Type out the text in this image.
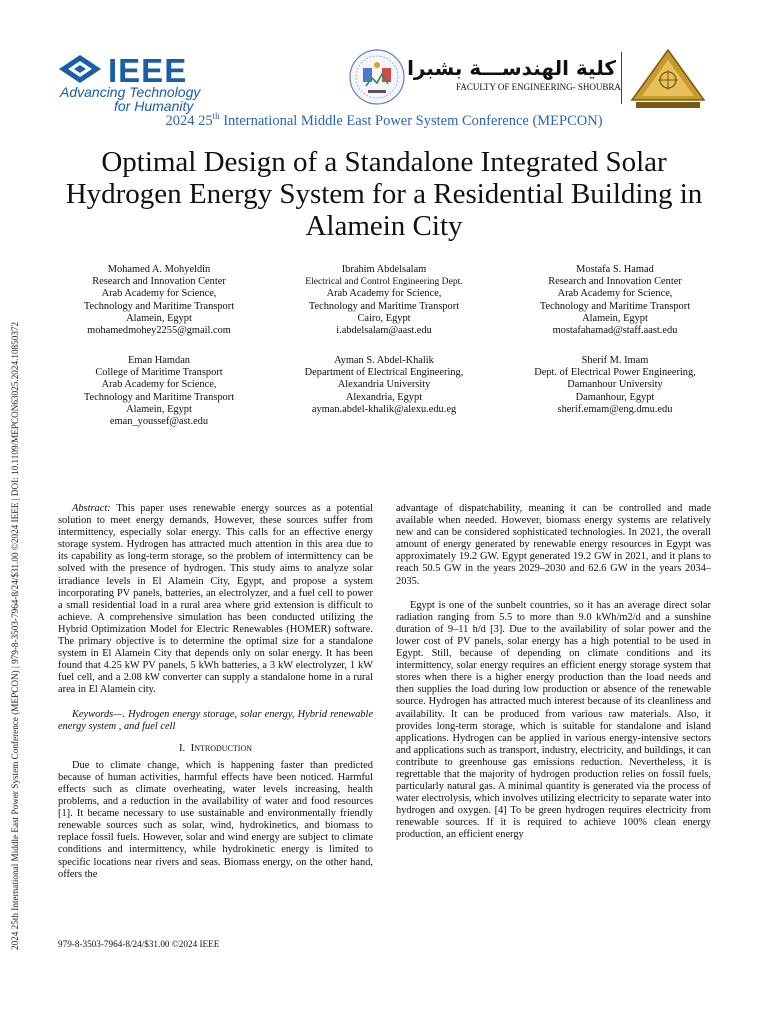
2024 25th International Middle East Power System Conference (MEPCON) | 979-8-3503-7964-8/24/$31.00 ©2024 IEEE | DOI: 10.1109/MEPCON63025.2024.10850372
IEEE
Advancing Technology
for Humanity
كلية الهندســـة بشبرا
FACULTY OF ENGINEERING- SHOUBRA
2024 25th International Middle East Power System Conference (MEPCON)
Optimal Design of a Standalone Integrated Solar Hydrogen Energy System for a Residential Building in Alamein City
Mohamed A. Mohyeldin
Research and Innovation Center
Arab Academy for Science,
Technology and Maritime Transport
Alamein, Egypt
mohamedmohey2255@gmail.com
Ibrahim Abdelsalam
Electrical and Control Engineering Dept.
Arab Academy for Science,
Technology and Maritime Transport
Cairo, Egypt
i.abdelsalam@aast.edu
Mostafa S. Hamad
Research and Innovation Center
Arab Academy for Science,
Technology and Maritime Transport
Alamein, Egypt
mostafahamad@staff.aast.edu
Eman Hamdan
College of Maritime Transport
Arab Academy for Science,
Technology and Maritime Transport
Alamein, Egypt
eman_youssef@ast.edu
Ayman S. Abdel-Khalik
Department of Electrical Engineering,
Alexandria University
Alexandria, Egypt
ayman.abdel-khalik@alexu.edu.eg
Sherif M. Imam
Dept. of Electrical Power Engineering,
Damanhour University
Damanhour, Egypt
sherif.emam@eng.dmu.edu

Abstract: This paper uses renewable energy sources as a potential solution to meet energy demands, However, these sources suffer from intermittency, especially solar energy. This calls for an effective energy storage system. Hydrogen has attracted much attention in this area due to its capability as long-term storage, so the problem of intermittency can be solved with the presence of hydrogen. This study aims to analyze solar irradiance levels in El Alamein City, Egypt, and propose a system incorporating PV panels, batteries, an electrolyzer, and a fuel cell to power a small residential load in a rural area where grid extension is difficult to achieve. A comprehensive simulation has been conducted utilizing the Hybrid Optimization Model for Electric Renewables (HOMER) software. The primary objective is to determine the optimal size for a standalone system in El Alamein City that depends only on solar energy. It has been found that 4.25 kW PV panels, 5 kWh batteries, a 3 kW electrolyzer, 1 kW fuel cell, and a 2.08 kW converter can supply a standalone home in a rural area in El Alamein city.

Keywords—. Hydrogen energy storage, solar energy, Hybrid renewable energy system , and fuel cell

I. Introduction

Due to climate change, which is happening faster than predicted because of human activities, harmful effects have been noticed. Harmful effects such as climate overheating, water levels increasing, health problems, and a reduction in the availability of water and food resources [1]. It became necessary to use sustainable and environmentally friendly renewable sources such as solar, wind, hydrokinetics, and biomass to replace fossil fuels. However, solar and wind energy are subject to climate conditions and intermittency, while hydrokinetic energy is limited to specific locations near rivers and seas. Biomass energy, on the other hand, offers the

advantage of dispatchability, meaning it can be controlled and made available when needed. However, biomass energy systems are relatively new and can be considered sophisticated technologies. In 2021, the overall amount of energy generated by renewable energy resources in Egypt was approximately 19.2 GW. Egypt generated 19.2 GW in 2021, and it plans to reach 50.5 GW in the years 2029–2030 and 62.6 GW in the years 2034–2035.

Egypt is one of the sunbelt countries, so it has an average direct solar radiation ranging from 5.5 to more than 9.0 kWh/m2/d and a sunshine duration of 9–11 h/d [3]. Due to the availability of solar power and the lower cost of PV panels, solar energy has a high potential to be used in Egypt. Still, because of depending on climate conditions and its intermittency, solar energy requires an efficient energy storage system that stores when there is a higher energy production than the load needs and then supplies the load during low production or absence of the renewable source. Hydrogen has attracted much interest because of its cleanliness and availability. It can be produced from various raw materials. Also, it provides long-term storage, which is suitable for standalone and island applications. Hydrogen can be applied in various energy-intensive sectors and applications such as transport, industry, electricity, and buildings, it can contribute to greenhouse gas emissions reduction. Nevertheless, it is regrettable that the majority of hydrogen production relies on fossil fuels, particularly natural gas. A minimal quantity is generated via the process of water electrolysis, which involves utilizing electricity to separate water into hydrogen and oxygen. [4] To be green hydrogen requires electricity from renewable sources. If it is required to achieve 100% clean energy production, an efficient energy

979-8-3503-7964-8/24/$31.00 ©2024 IEEE
